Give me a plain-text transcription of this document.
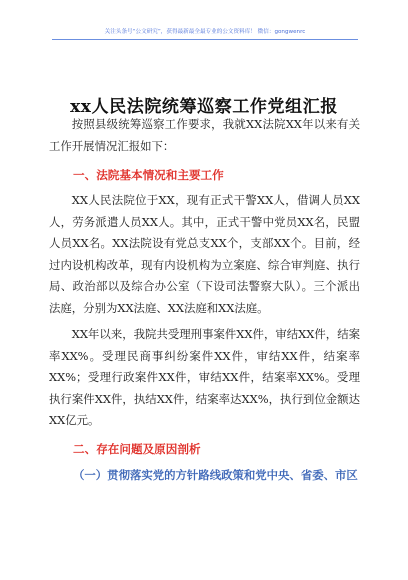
关注头条号“公文研究”，获得最新最全最专业的公文资料库！ 微信：gongwenrc
xx人民法院统筹巡察工作党组汇报
按照县级统筹巡察工作要求，我就XX法院XX年以来有关工作开展情况汇报如下：
一、法院基本情况和主要工作
XX人民法院位于XX，现有正式干警XX人，借调人员XX人，劳务派遣人员XX人。其中，正式干警中党员XX名，民盟人员XX名。XX法院设有党总支XX个，支部XX个。目前，经过内设机构改革，现有内设机构为立案庭、综合审判庭、执行局、政治部以及综合办公室（下设司法警察大队）。三个派出法庭，分别为XX法庭、XX法庭和XX法庭。
XX年以来，我院共受理刑事案件XX件，审结XX件，结案率XX%。受理民商事纠纷案件XX件，审结XX件，结案率XX%；受理行政案件XX件，审结XX件，结案率XX%。受理执行案件XX件，执结XX件，结案率达XX%，执行到位金额达XX亿元。
二、存在问题及原因剖析
（一）贯彻落实党的方针路线政策和党中央、省委、市区
